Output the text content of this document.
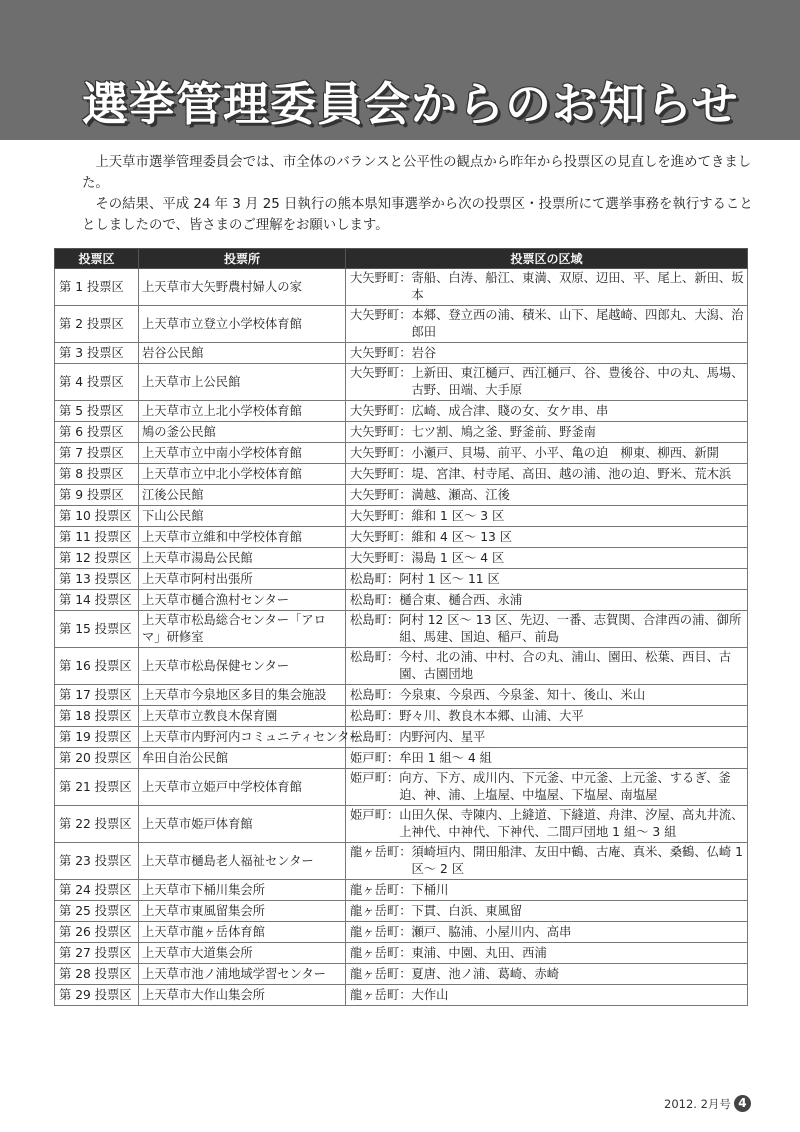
選挙管理委員会からのお知らせ

上天草市選挙管理委員会では、市全体のバランスと公平性の観点から昨年から投票区の見直しを進めてきました。

その結果、平成 24 年 3 月 25 日執行の熊本県知事選挙から次の投票区・投票所にて選挙事務を執行することとしましたので、皆さまのご理解をお願いします。

投票区	投票所	投票区の区域
第 1 投票区	上天草市大矢野農村婦人の家	大矢野町： 寄船、白涛、船江、東満、双原、辺田、平、尾上、新田、坂本

第 2 投票区	上天草市立登立小学校体育館	大矢野町： 本郷、登立西の浦、積米、山下、尾越崎、四郎丸、大潟、治郎田

第 3 投票区	岩谷公民館	大矢野町： 岩谷

第 4 投票区	上天草市上公民館	大矢野町： 上新田、東江樋戸、西江樋戸、谷、豊後谷、中の丸、馬場、古野、田端、大手原

第 5 投票区	上天草市立上北小学校体育館	大矢野町： 広崎、成合津、賤の女、女ケ串、串

第 6 投票区	鳩の釜公民館	大矢野町： 七ツ割、鳩之釜、野釜前、野釜南

第 7 投票区	上天草市立中南小学校体育館	大矢野町： 小瀬戸、貝場、前平、小平、亀の迫　柳東、柳西、新開

第 8 投票区	上天草市立中北小学校体育館	大矢野町： 堤、宮津、村寺尾、高田、越の浦、池の迫、野米、荒木浜

第 9 投票区	江後公民館	大矢野町： 満越、瀬高、江後

第 10 投票区	下山公民館	大矢野町： 維和 1 区〜 3 区

第 11 投票区	上天草市立維和中学校体育館	大矢野町： 維和 4 区〜 13 区

第 12 投票区	上天草市湯島公民館	大矢野町： 湯島 1 区〜 4 区

第 13 投票区	上天草市阿村出張所	松島町： 阿村 1 区〜 11 区

第 14 投票区	上天草市樋合漁村センター	松島町： 樋合東、樋合西、永浦

第 15 投票区	上天草市松島総合センター「アロマ」研修室	松島町： 阿村 12 区〜 13 区、先辺、一番、志賀関、合津西の浦、御所組、馬建、国迫、稲戸、前島

第 16 投票区	上天草市松島保健センター	松島町： 今村、北の浦、中村、合の丸、浦山、園田、松葉、西目、古園、古園団地

第 17 投票区	上天草市今泉地区多目的集会施設	松島町： 今泉東、今泉西、今泉釜、知十、後山、米山

第 18 投票区	上天草市立教良木保育園	松島町： 野々川、教良木本郷、山浦、大平

第 19 投票区	上天草市内野河内コミュニティセンター	松島町： 内野河内、星平

第 20 投票区	牟田自治公民館	姫戸町： 牟田 1 組〜 4 組

第 21 投票区	上天草市立姫戸中学校体育館	姫戸町： 向方、下方、成川内、下元釜、中元釜、上元釜、するぎ、釜迫、神、浦、上塩屋、中塩屋、下塩屋、南塩屋

第 22 投票区	上天草市姫戸体育館	姫戸町： 山田久保、寺陳内、上縫道、下縫道、舟津、汐屋、高丸井流、上神代、中神代、下神代、二間戸団地 1 組〜 3 組

第 23 投票区	上天草市樋島老人福祉センター	龍ヶ岳町： 須崎垣内、開田船津、友田中鶴、古庵、真米、桑鶴、仏崎 1 区〜 2 区

第 24 投票区	上天草市下桶川集会所	龍ヶ岳町： 下桶川

第 25 投票区	上天草市東風留集会所	龍ヶ岳町： 下貫、白浜、東風留

第 26 投票区	上天草市龍ヶ岳体育館	龍ヶ岳町： 瀬戸、脇浦、小屋川内、高串

第 27 投票区	上天草市大道集会所	龍ヶ岳町： 東浦、中園、丸田、西浦

第 28 投票区	上天草市池ノ浦地域学習センター	龍ヶ岳町： 夏唐、池ノ浦、葛崎、赤崎

第 29 投票区	上天草市大作山集会所	龍ヶ岳町： 大作山
2012. 2月号 4
